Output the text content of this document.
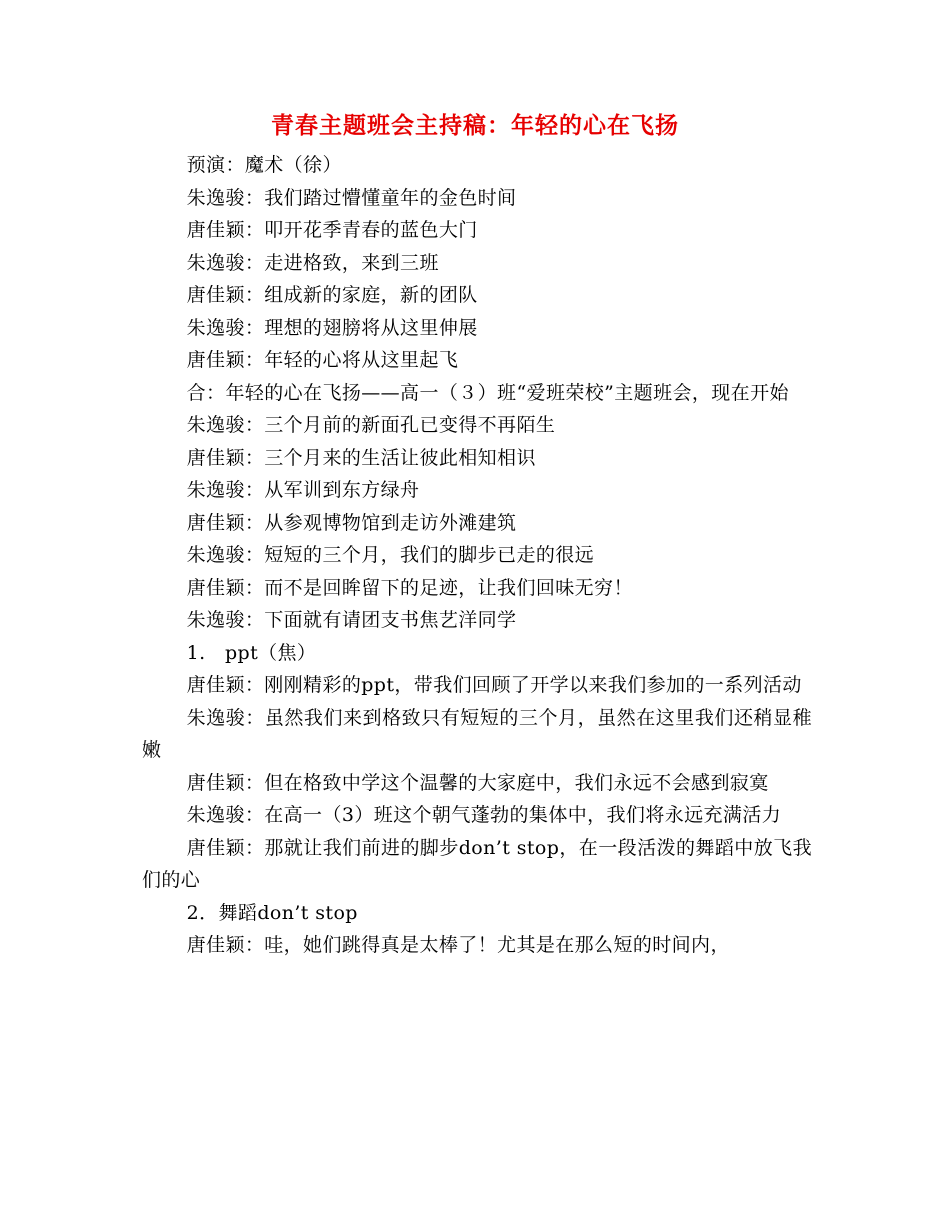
青春主题班会主持稿：年轻的心在飞扬

预演：魔术（徐）

朱逸骏：我们踏过懵懂童年的金色时间

唐佳颖：叩开花季青春的蓝色大门

朱逸骏：走进格致，来到三班

唐佳颖：组成新的家庭，新的团队

朱逸骏：理想的翅膀将从这里伸展

唐佳颖：年轻的心将从这里起飞

合：年轻的心在飞扬——高一（３）班“爱班荣校”主题班会，现在开始

朱逸骏：三个月前的新面孔已变得不再陌生

唐佳颖：三个月来的生活让彼此相知相识

朱逸骏：从军训到东方绿舟

唐佳颖：从参观博物馆到走访外滩建筑

朱逸骏：短短的三个月，我们的脚步已走的很远

唐佳颖：而不是回眸留下的足迹，让我们回味无穷！

朱逸骏：下面就有请团支书焦艺洋同学

1.　ppt（焦）

唐佳颖：刚刚精彩的ppt，带我们回顾了开学以来我们参加的一系列活动

朱逸骏：虽然我们来到格致只有短短的三个月，虽然在这里我们还稍显稚嫩

唐佳颖：但在格致中学这个温馨的大家庭中，我们永远不会感到寂寞

朱逸骏：在高一（3）班这个朝气蓬勃的集体中，我们将永远充满活力

唐佳颖：那就让我们前进的脚步don’t stop，在一段活泼的舞蹈中放飞我们的心

2．舞蹈don’t stop

唐佳颖：哇，她们跳得真是太棒了！尤其是在那么短的时间内，
